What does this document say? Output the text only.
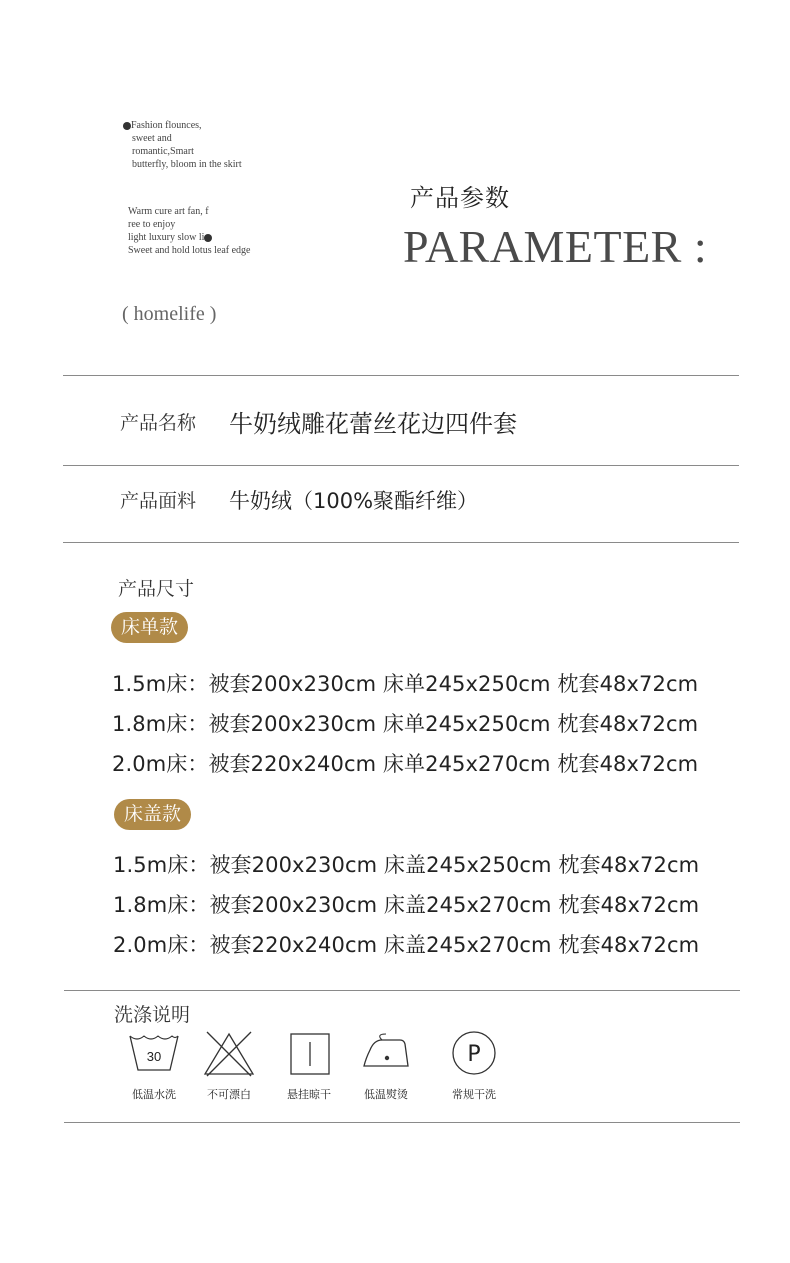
Fashion flounces,
sweet and
romantic,Smart
butterfly, bloom in the skirt
Warm cure art fan, f
ree to enjoy
light luxury slow li
Sweet and hold lotus leaf edge
( homelife )
产品参数
PARAMETER :
产品名称 牛奶绒雕花蕾丝花边四件套
产品面料 牛奶绒（100%聚酯纤维）
产品尺寸
床单款
1.5m床：被套200x230cm 床单245x250cm 枕套48x72cm
1.8m床：被套200x230cm 床单245x250cm 枕套48x72cm
2.0m床：被套220x240cm 床单245x270cm 枕套48x72cm
床盖款
1.5m床：被套200x230cm 床盖245x250cm 枕套48x72cm
1.8m床：被套200x230cm 床盖245x270cm 枕套48x72cm
2.0m床：被套220x240cm 床盖245x270cm 枕套48x72cm
洗涤说明
30
低温水洗	不可漂白	悬挂晾干	低温熨烫
P
常规干洗
